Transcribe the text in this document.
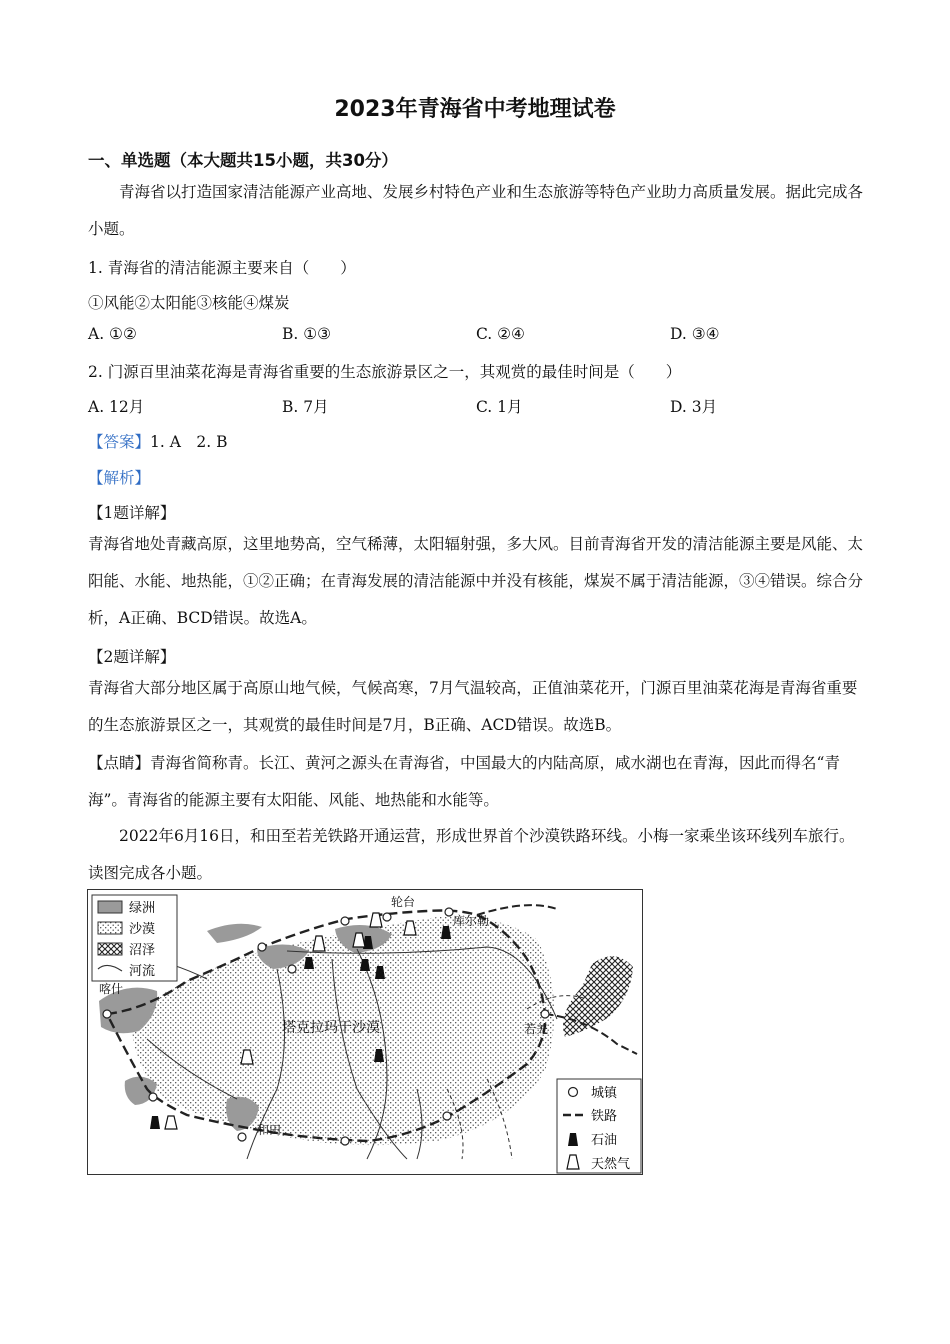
2023年青海省中考地理试卷
一、单选题（本大题共15小题，共30分）
青海省以打造国家清洁能源产业高地、发展乡村特色产业和生态旅游等特色产业助力高质量发展。据此完成各小题。
1. 青海省的清洁能源主要来自（　　）
①风能②太阳能③核能④煤炭
A. ①②	B. ①③	C. ②④	D. ③④
2. 门源百里油菜花海是青海省重要的生态旅游景区之一，其观赏的最佳时间是（　　）
A. 12月	B. 7月	C. 1月	D. 3月
【答案】1. A　2. B
【解析】
【1题详解】
青海省地处青藏高原，这里地势高，空气稀薄，太阳辐射强，多大风。目前青海省开发的清洁能源主要是风能、太阳能、水能、地热能，①②正确；在青海发展的清洁能源中并没有核能，煤炭不属于清洁能源，③④错误。综合分析，A正确、BCD错误。故选A。
【2题详解】
青海省大部分地区属于高原山地气候，气候高寒，7月气温较高，正值油菜花开，门源百里油菜花海是青海省重要的生态旅游景区之一，其观赏的最佳时间是7月，B正确、ACD错误。故选B。
【点睛】青海省简称青。长江、黄河之源头在青海省，中国最大的内陆高原，咸水湖也在青海，因此而得名“青海”。青海省的能源主要有太阳能、风能、地热能和水能等。
2022年6月16日，和田至若羌铁路开通运营，形成世界首个沙漠铁路环线。小梅一家乘坐该环线列车旅行。读图完成各小题。
喀什
轮台
库尔勒
若羌
和田
塔克拉玛干沙漠
绿洲
沙漠
沼泽
河流
城镇
铁路
石油
天然气
